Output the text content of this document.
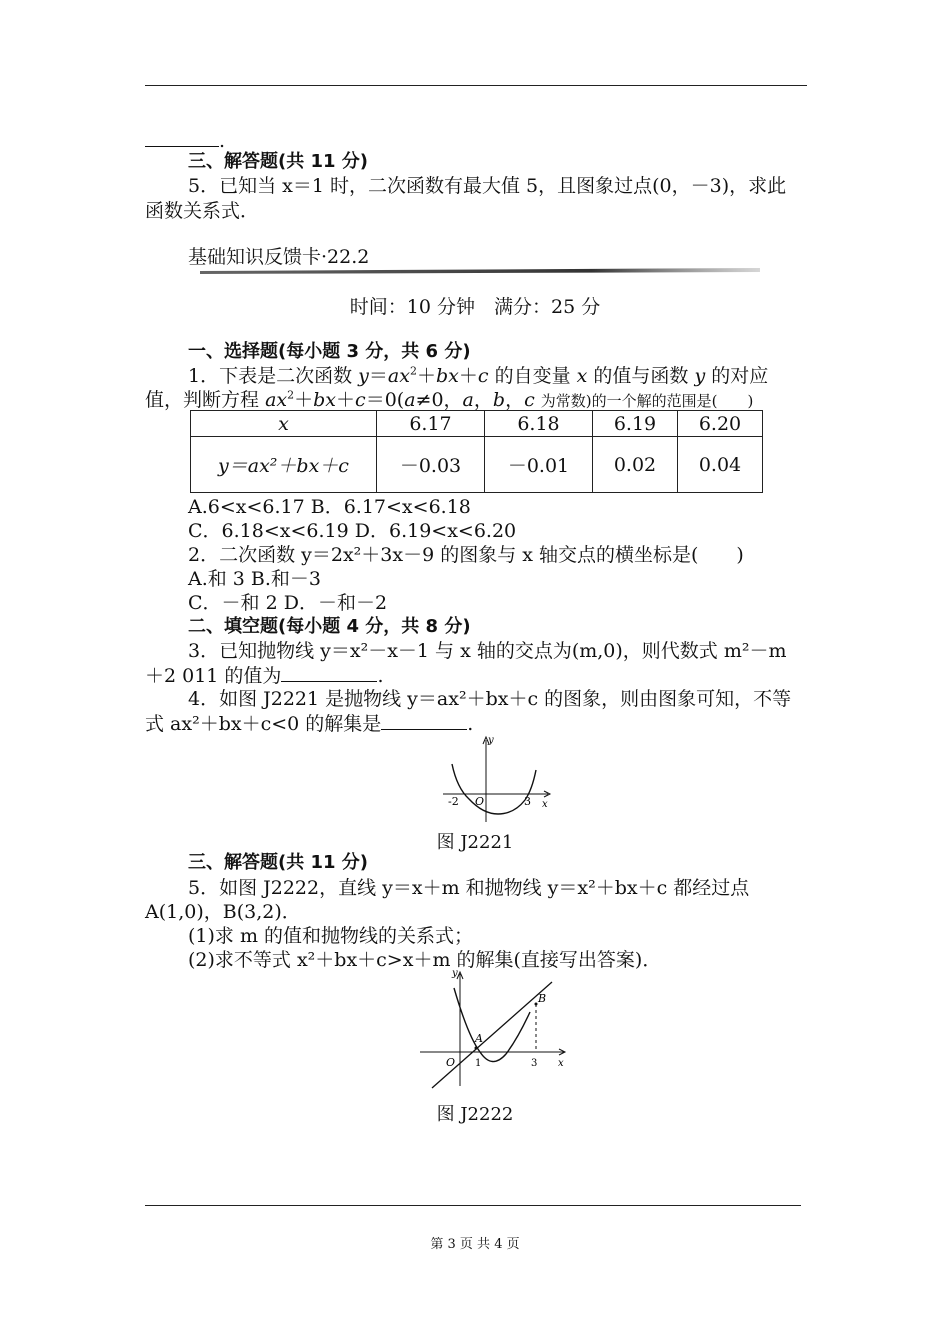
.
三、解答题(共 11 分)
5．已知当 x＝1 时，二次函数有最大值 5，且图象过点(0，－3)，求此
函数关系式．
基础知识反馈卡·22.2
时间：10 分钟　满分：25 分
一、选择题(每小题 3 分，共 6 分)
1．下表是二次函数 $y=ax^2+bx+c$ 的自变量 x 的值与函数 y 的对应
值，判断方程 $ax^2+bx+c=0(a\ne 0$，a，b，c 为常数)的一个解的范围是(　　)
x	6.17	6.18	6.19	6.20
y＝ax²＋bx＋c	－0.03	－0.01	0.02	0.04
A.6<x<6.17 B．6.17<x<6.18
C．6.18<x<6.19 D．6.19<x<6.20
2．二次函数 y＝2x²＋3x－9 的图象与 x 轴交点的横坐标是(　　)
A.和 3 B.和－3
C．－和 2 D．－和－2
二、填空题(每小题 4 分，共 8 分)
3．已知抛物线 y＝x²－x－1 与 x 轴的交点为(m,0)，则代数式 m²－m
＋2 011 的值为	.
4．如图 J2221 是抛物线 y＝ax²＋bx＋c 的图象，则由图象可知，不等
式 ax²＋bx＋c<0 的解集是	.
y
x
O
-2	3
图 J2221
三、解答题(共 11 分)
5．如图 J2222，直线 y＝x＋m 和抛物线 y＝x²＋bx＋c 都经过点
A(1,0)，B(3,2)．
(1)求 m 的值和抛物线的关系式；
(2)求不等式 x²＋bx＋c>x＋m 的解集(直接写出答案)．
y
x
O
A
B
1	3
图 J2222
第 3 页 共 4 页
